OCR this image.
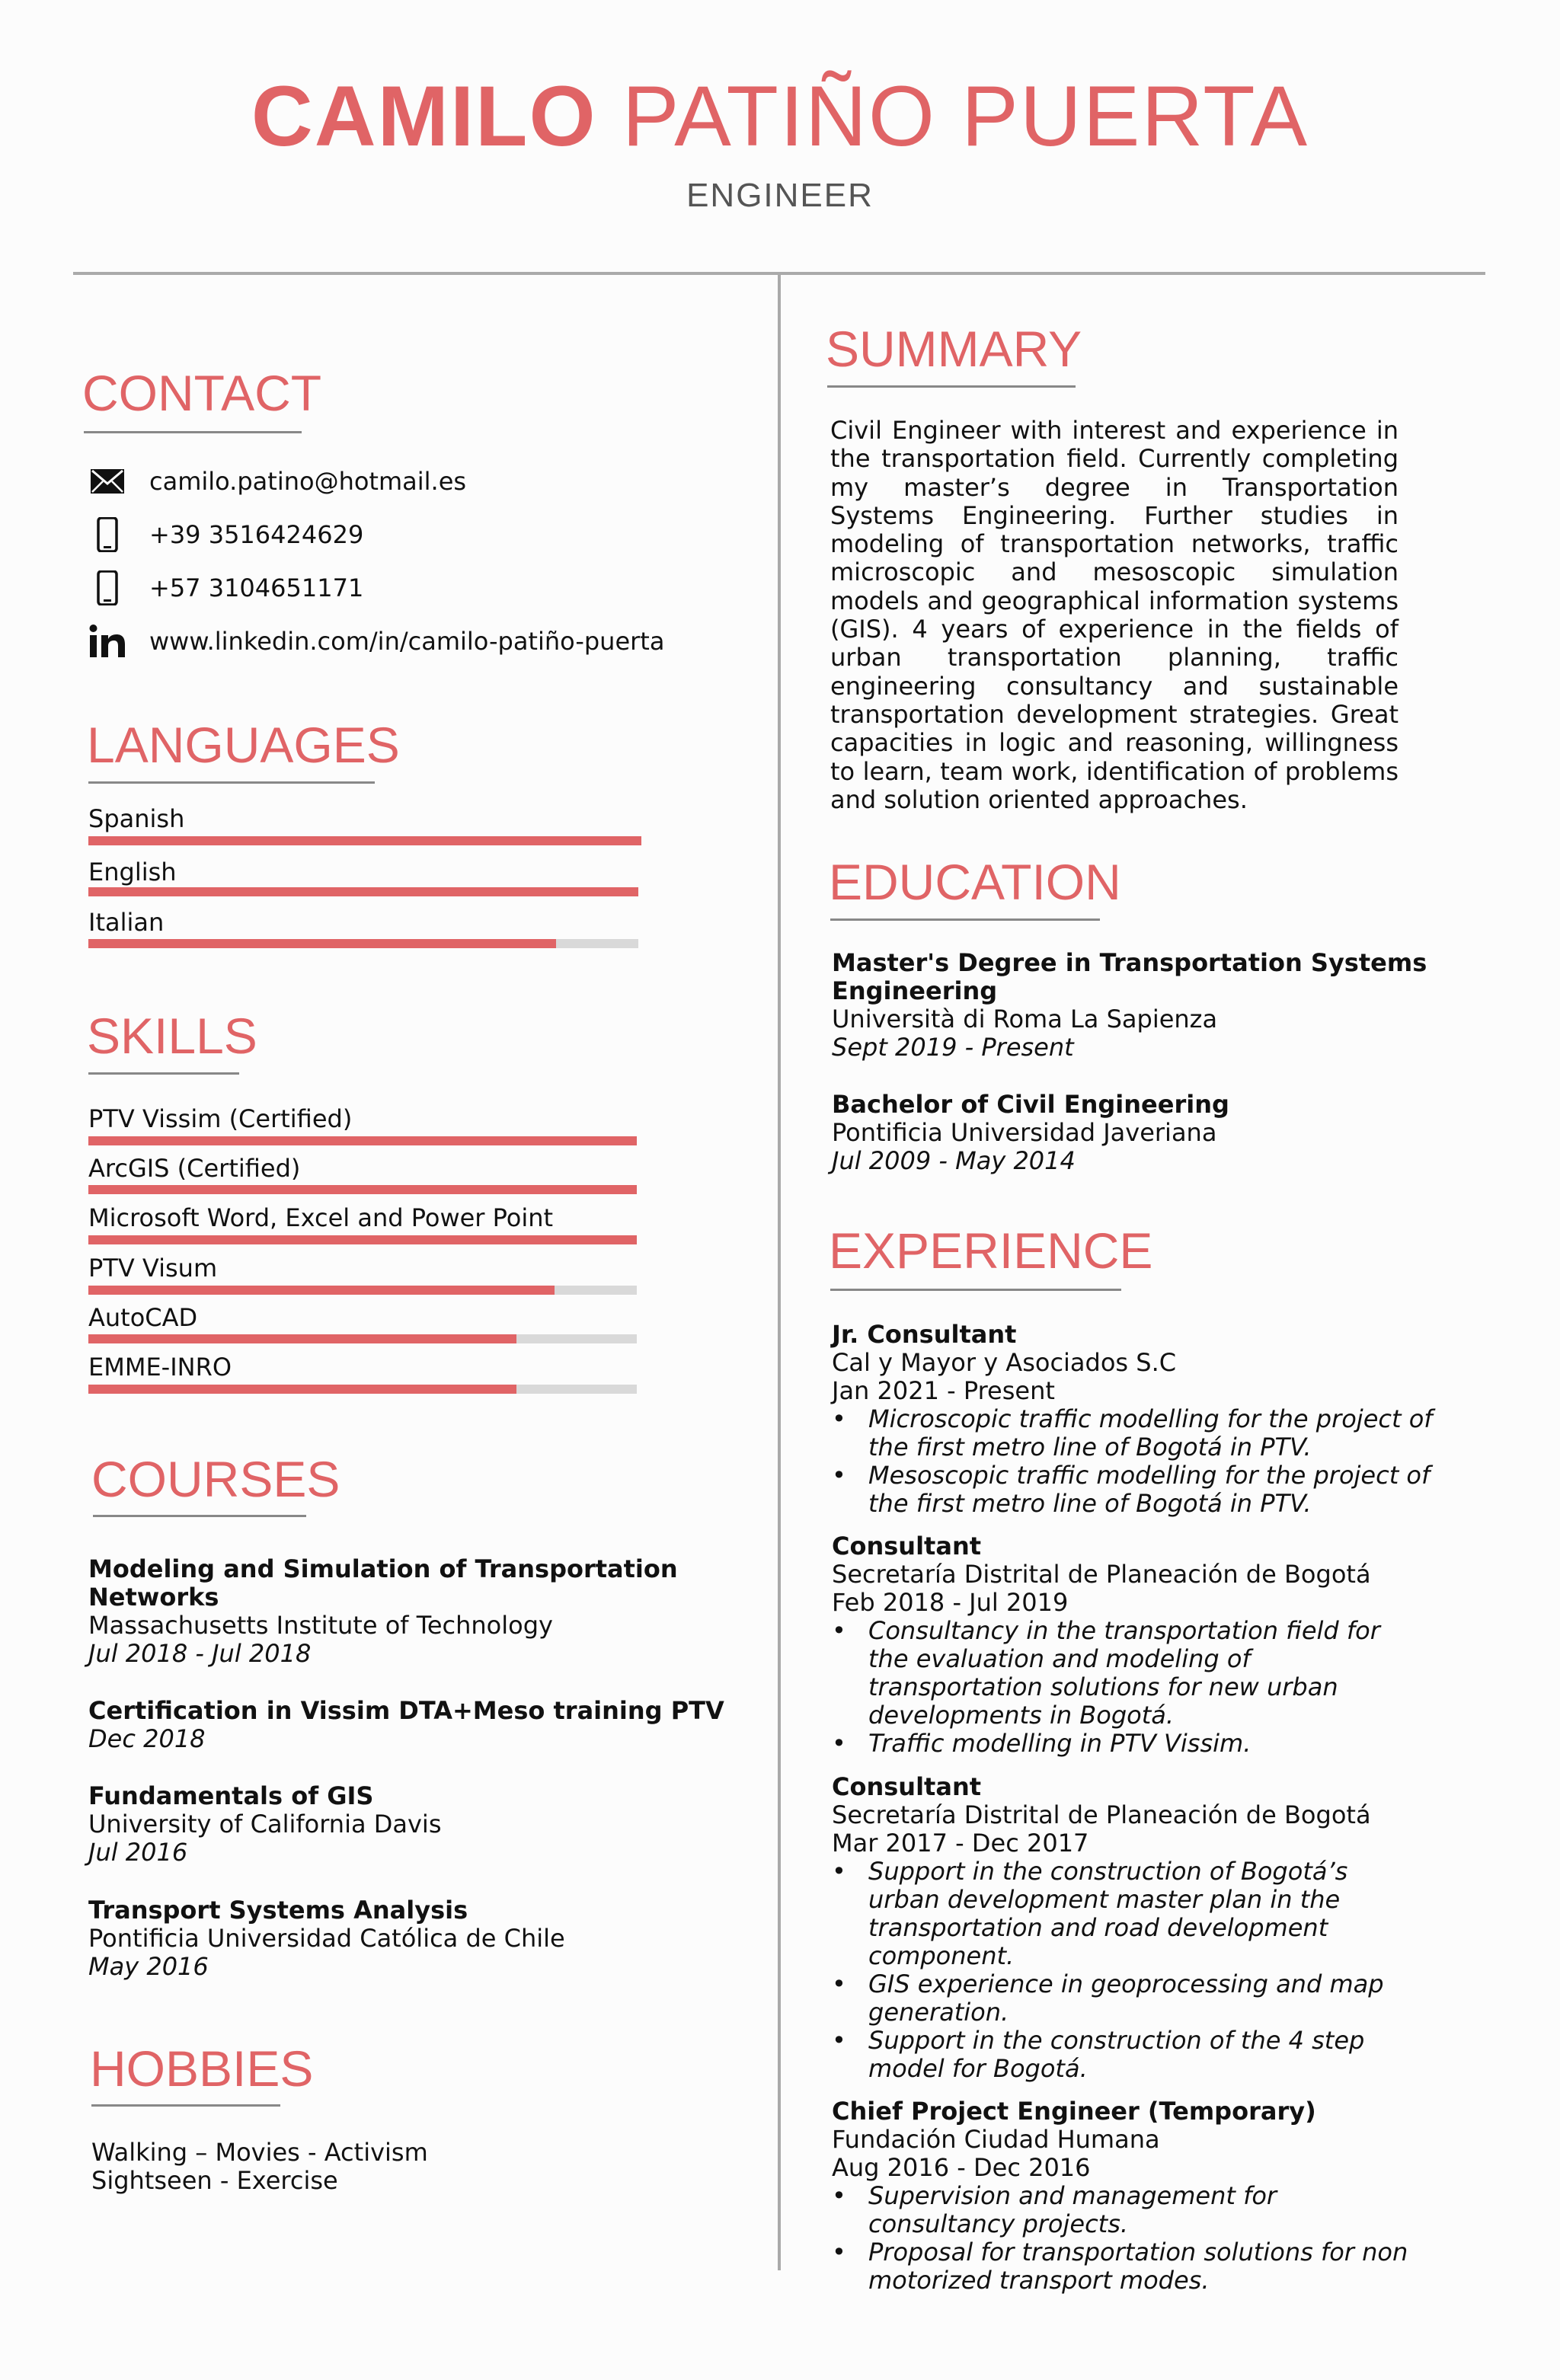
CAMILO PATIÑO PUERTA
ENGINEER
CONTACT
camilo.patino@hotmail.es
+39 3516424629
+57 3104651171
www.linkedin.com/in/camilo-patiño-puerta
LANGUAGES
Spanish
English
Italian
SKILLS
PTV Vissim (Certified)
ArcGIS (Certified)
Microsoft Word, Excel and Power Point
PTV Visum
AutoCAD
EMME-INRO
COURSES
Modeling and Simulation of Transportation
Networks
Massachusetts Institute of Technology
Jul 2018 - Jul 2018
Certification in Vissim DTA+Meso training PTV
Dec 2018
Fundamentals of GIS
University of California Davis
Jul 2016
Transport Systems Analysis
Pontificia Universidad Católica de Chile
May 2016
HOBBIES
Walking – Movies - Activism
Sightseen - Exercise
SUMMARY
Civil Engineer with interest and experience in the transportation field. Currently completing my master’s degree in Transportation Systems Engineering. Further studies in modeling of transportation networks, traffic microscopic and mesoscopic simulation models and geographical information systems (GIS). 4 years of experience in the fields of urban transportation planning, traffic engineering consultancy and sustainable transportation development strategies. Great capacities in logic and reasoning, willingness to learn, team work, identification of problems and solution oriented approaches.
EDUCATION
Master's Degree in Transportation Systems
Engineering
Università di Roma La Sapienza
Sept 2019 - Present
Bachelor of Civil Engineering
Pontificia Universidad Javeriana
Jul 2009 - May 2014
EXPERIENCE
Jr. Consultant
Cal y Mayor y Asociados S.C
Jan 2021 - Present
• Microscopic traffic modelling for the project of
the first metro line of Bogotá in PTV.
• Mesoscopic traffic modelling for the project of
the first metro line of Bogotá in PTV.
Consultant
Secretaría Distrital de Planeación de Bogotá
Feb 2018 - Jul 2019
• Consultancy in the transportation field for
the evaluation and modeling of
transportation solutions for new urban
developments in Bogotá.
• Traffic modelling in PTV Vissim.
Consultant
Secretaría Distrital de Planeación de Bogotá
Mar 2017 - Dec 2017
• Support in the construction of Bogotá’s
urban development master plan in the
transportation and road development
component.
• GIS experience in geoprocessing and map
generation.
• Support in the construction of the 4 step
model for Bogotá.
Chief Project Engineer (Temporary)
Fundación Ciudad Humana
Aug 2016 - Dec 2016
• Supervision and management for
consultancy projects.
• Proposal for transportation solutions for non
motorized transport modes.
